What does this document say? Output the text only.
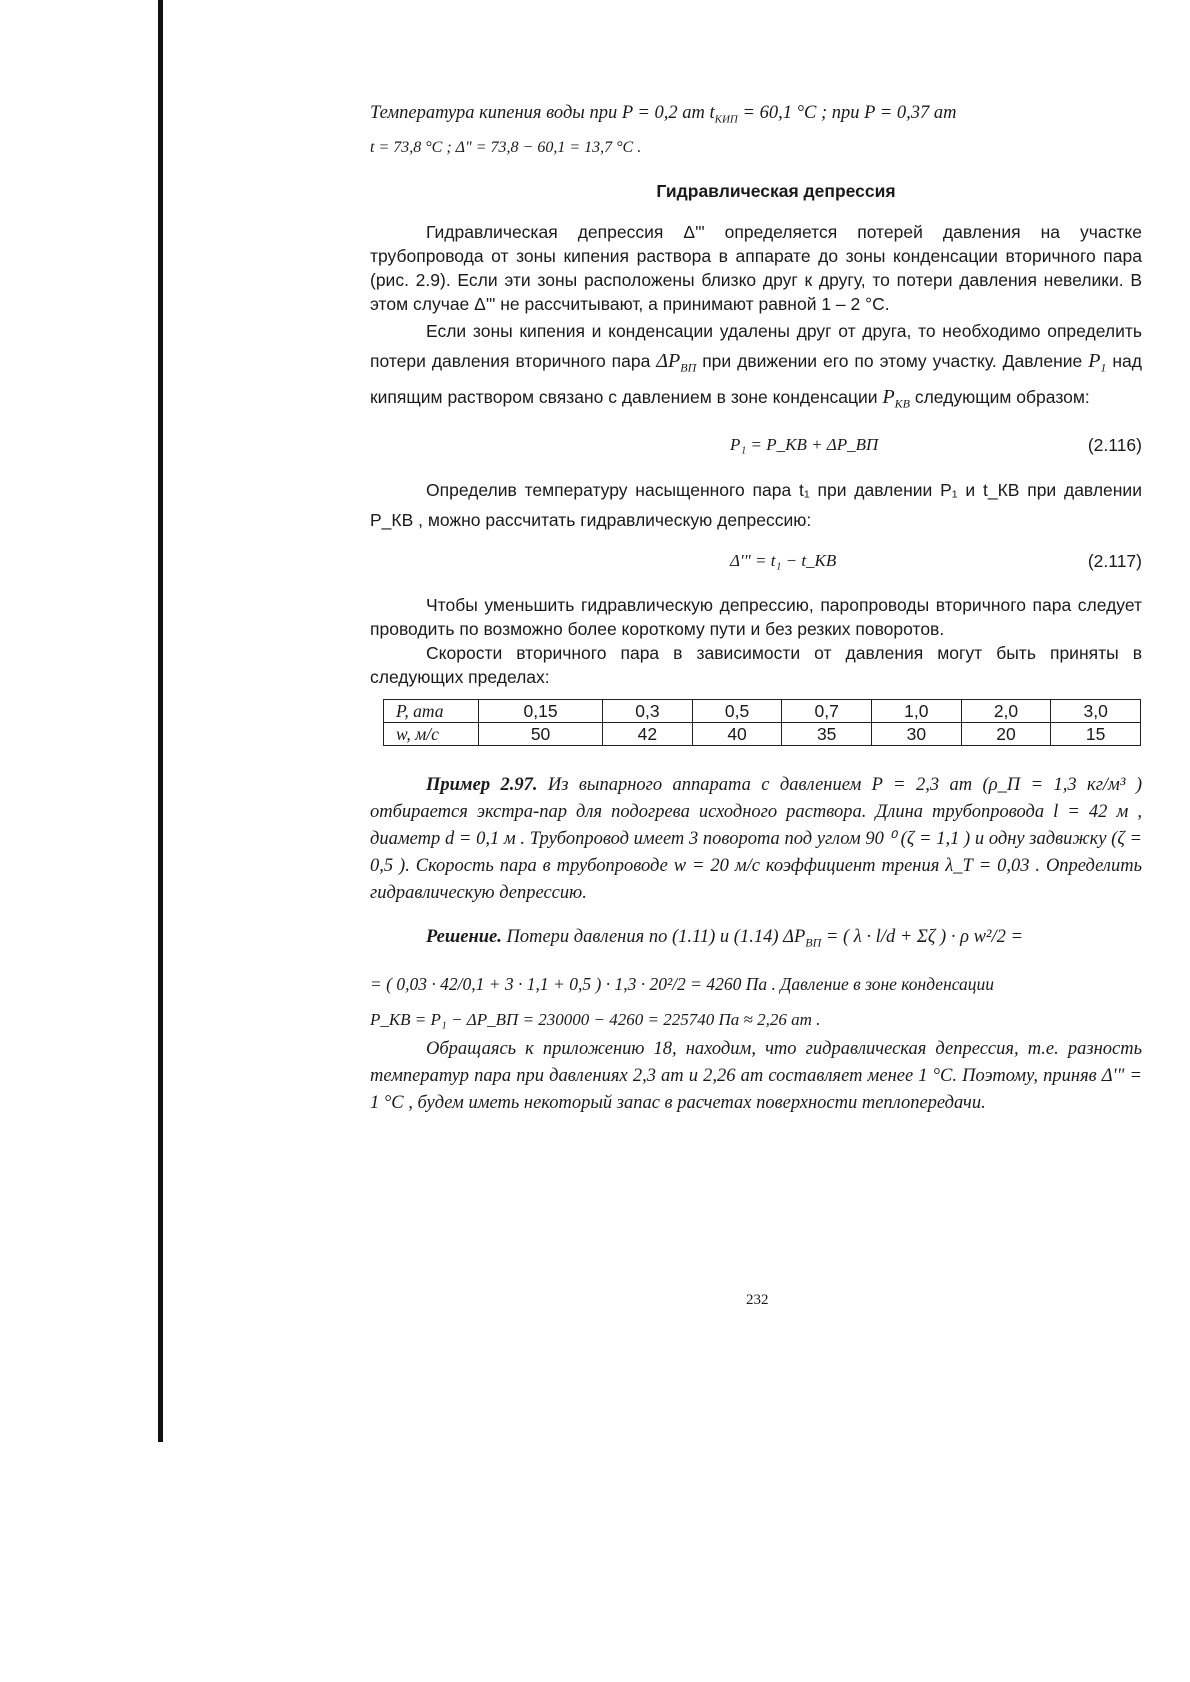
Температура кипения воды при P = 0,2 ат $t_{КИП} = 60,1$ °C ; при P = 0,37 ат

t = 73,8 °C ; Δ" = 73,8 − 60,1 = 13,7 °C .

Гидравлическая депрессия

Гидравлическая депрессия Δ'" определяется потерей давления на участке трубопровода от зоны кипения раствора в аппарате до зоны конденсации вторичного пара (рис. 2.9). Если эти зоны расположены близко друг к другу, то потери давления невелики. В этом случае Δ'" не рассчитывают, а принимают равной 1 – 2 °C.

Если зоны кипения и конденсации удалены друг от друга, то необходимо определить потери давления вторичного пара $\Delta P_{ВП}$ при движении его по этому участку. Давление $P_1$ над кипящим раствором связано с давлением в зоне конденсации $P_{КВ}$ следующим образом:

P₁ = P_КВ + ΔP_ВП	(2.116)

Определив температуру насыщенного пара t₁ при давлении P₁ и t_КВ при давлении P_КВ , можно рассчитать гидравлическую депрессию:

Δ'" = t₁ − t_КВ	(2.117)

Чтобы уменьшить гидравлическую депрессию, паропроводы вторичного пара следует проводить по возможно более короткому пути и без резких поворотов.

Скорости вторичного пара в зависимости от давления могут быть приняты в следующих пределах:

P, ата	0,15	0,3	0,5	0,7	1,0	2,0	3,0
w, м/с	50	42	40	35	30	20	15

Пример 2.97. Из выпарного аппарата с давлением P = 2,3 ат (ρ_П = 1,3 кг/м³ ) отбирается экстра-пар для подогрева исходного раствора. Длина трубопровода l = 42 м , диаметр d = 0,1 м . Трубопровод имеет 3 поворота под углом 90 ⁰ (ζ = 1,1 ) и одну задвижку (ζ = 0,5 ). Скорость пара в трубопроводе w = 20 м/с коэффициент трения λ_Т = 0,03 . Определить гидравлическую депрессию.

Решение. Потери давления по (1.11) и (1.14) $\Delta P_{ВП}$ = ( λ · l/d + Σζ ) · ρ w²/2 =

= ( 0,03 · 42/0,1 + 3 · 1,1 + 0,5 ) · 1,3 · 20²/2 = 4260 Па . Давление в зоне конденсации

P_КВ = P₁ − ΔP_ВП = 230000 − 4260 = 225740 Па ≈ 2,26 ат .

Обращаясь к приложению 18, находим, что гидравлическая депрессия, т.е. разность температур пара при давлениях 2,3 ат и 2,26 ат составляет менее 1 °C. Поэтому, приняв Δ'" = 1 °C , будем иметь некоторый запас в расчетах поверхности теплопередачи.

232
